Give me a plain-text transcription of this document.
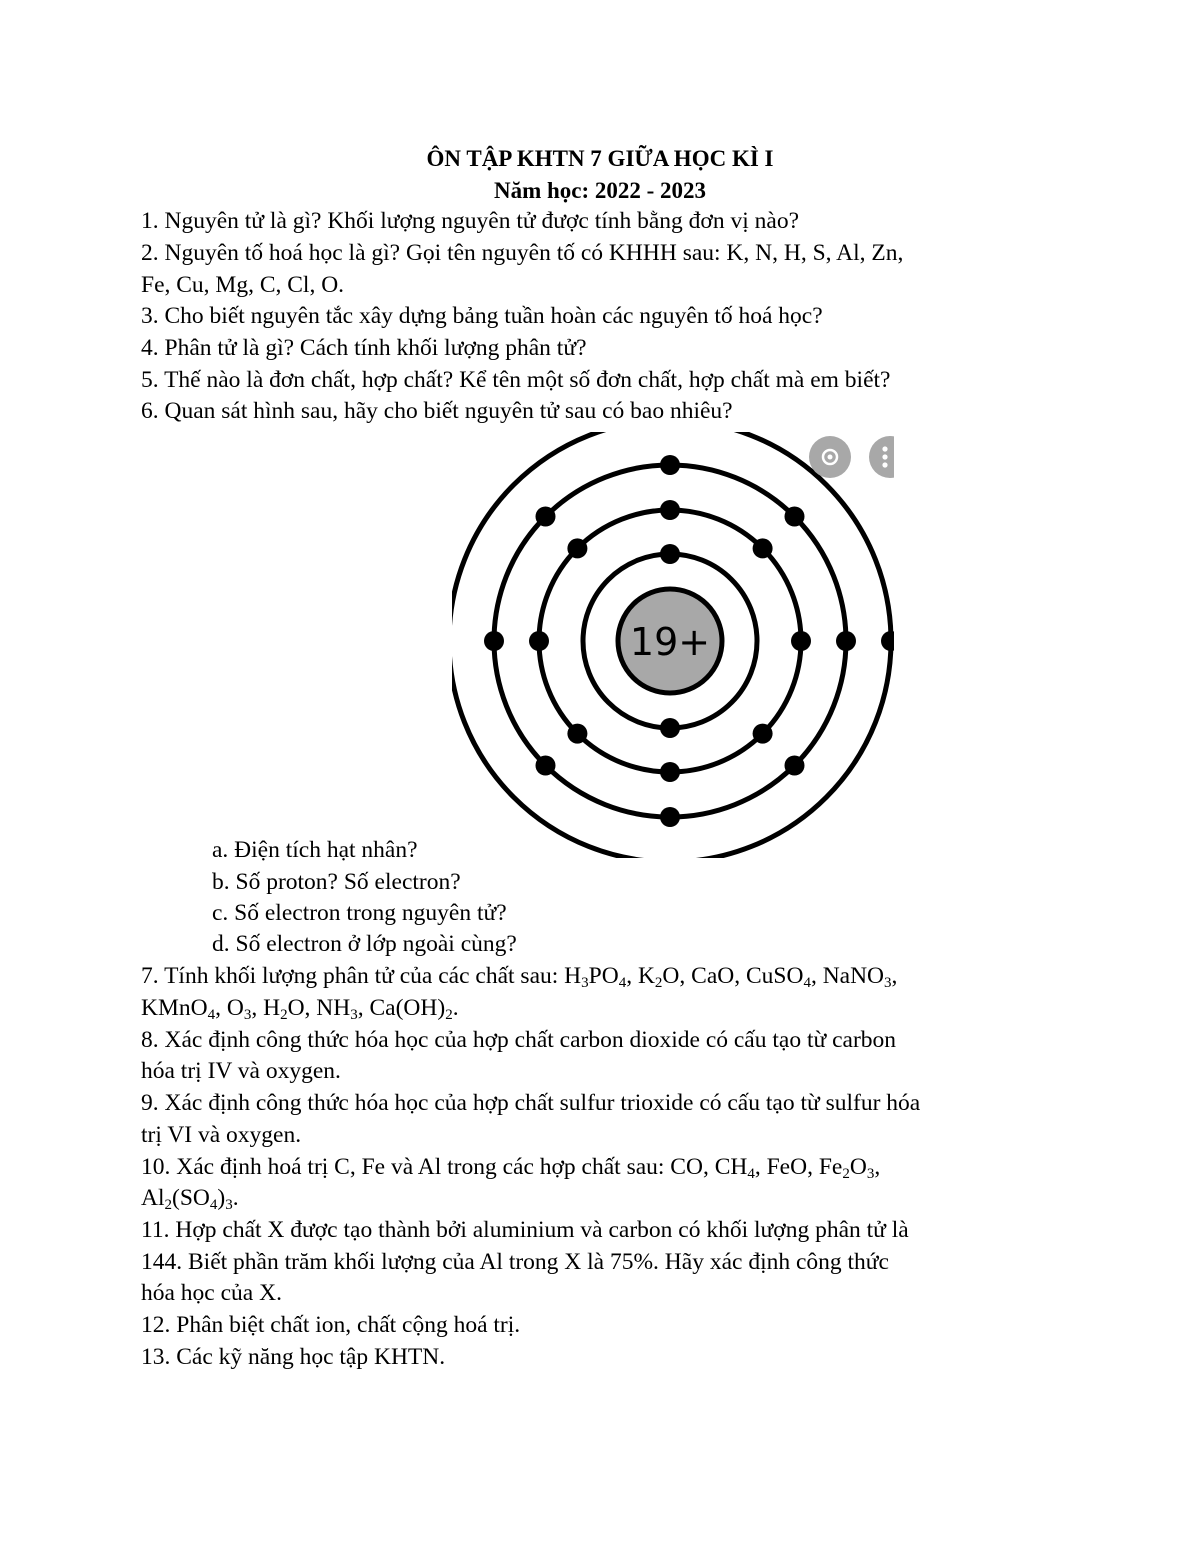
ÔN TẬP KHTN 7 GIỮA HỌC KÌ I

Năm học: 2022 - 2023

1. Nguyên tử là gì? Khối lượng nguyên tử được tính bằng đơn vị nào?

2. Nguyên tố hoá học là gì? Gọi tên nguyên tố có KHHH sau: K, N, H, S, Al, Zn,

Fe, Cu, Mg, C, Cl, O.

3. Cho biết nguyên tắc xây dựng bảng tuần hoàn các nguyên tố hoá học?

4. Phân tử là gì? Cách tính khối lượng phân tử?

5. Thế nào là đơn chất, hợp chất? Kể tên một số đơn chất, hợp chất mà em biết?

6. Quan sát hình sau, hãy cho biết nguyên tử sau có bao nhiêu?

19+

a. Điện tích hạt nhân?

b. Số proton? Số electron?

c. Số electron trong nguyên tử?

d. Số electron ở lớp ngoài cùng?

7. Tính khối lượng phân tử của các chất sau: $H_3PO_4$, $K_2O$, CaO, CuSO$_4$, NaNO$_3$,

KMnO$_4$, $O_3$, $H_2O$, $NH_3$, $Ca(OH)_2$.

8. Xác định công thức hóa học của hợp chất carbon dioxide có cấu tạo từ carbon

hóa trị IV và oxygen.

9. Xác định công thức hóa học của hợp chất sulfur trioxide có cấu tạo từ sulfur hóa

trị VI và oxygen.

10. Xác định hoá trị C, Fe và Al trong các hợp chất sau: CO, $CH_4$, FeO, $Fe_2O_3$,

$Al_2(SO_4)_3$.

11. Hợp chất X được tạo thành bởi aluminium và carbon có khối lượng phân tử là

144. Biết phần trăm khối lượng của Al trong X là 75%. Hãy xác định công thức

hóa học của X.

12. Phân biệt chất ion, chất cộng hoá trị.

13. Các kỹ năng học tập KHTN.
